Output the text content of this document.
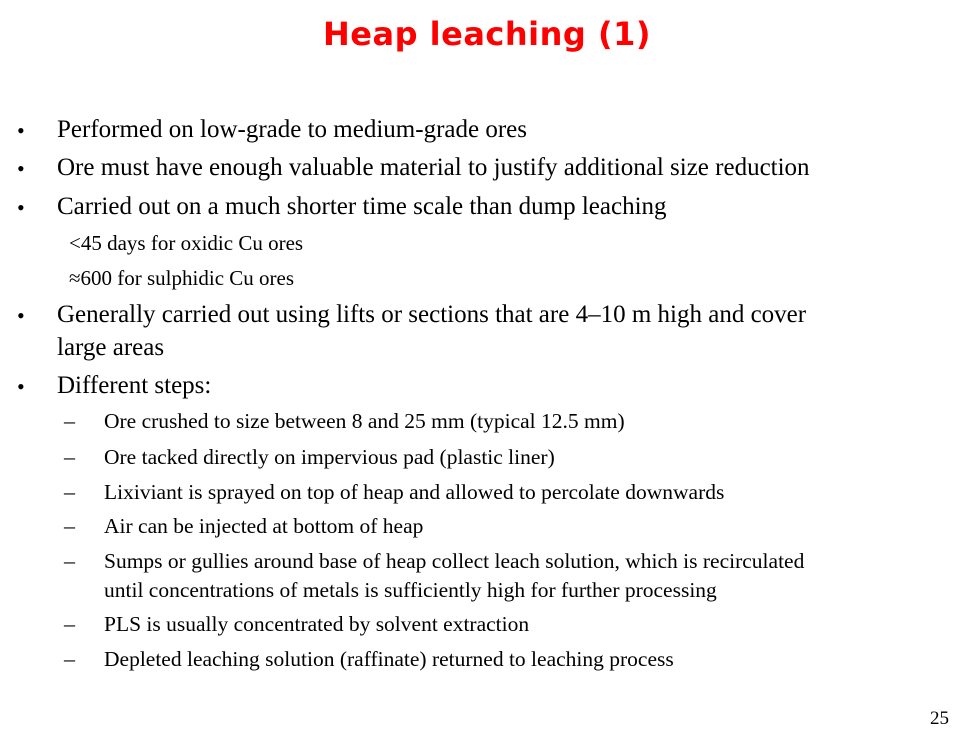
Heap leaching (1)
• Performed on low-grade to medium-grade ores
• Ore must have enough valuable material to justify additional size reduction
• Carried out on a much shorter time scale than dump leaching
<45 days for oxidic Cu ores
≈600 for sulphidic Cu ores
• Generally carried out using lifts or sections that are 4–10 m high and cover
large areas
• Different steps:
– Ore crushed to size between 8 and 25 mm (typical 12.5 mm)
– Ore tacked directly on impervious pad (plastic liner)
– Lixiviant is sprayed on top of heap and allowed to percolate downwards
– Air can be injected at bottom of heap
– Sumps or gullies around base of heap collect leach solution, which is recirculated
until concentrations of metals is sufficiently high for further processing
– PLS is usually concentrated by solvent extraction
– Depleted leaching solution (raffinate) returned to leaching process
25
